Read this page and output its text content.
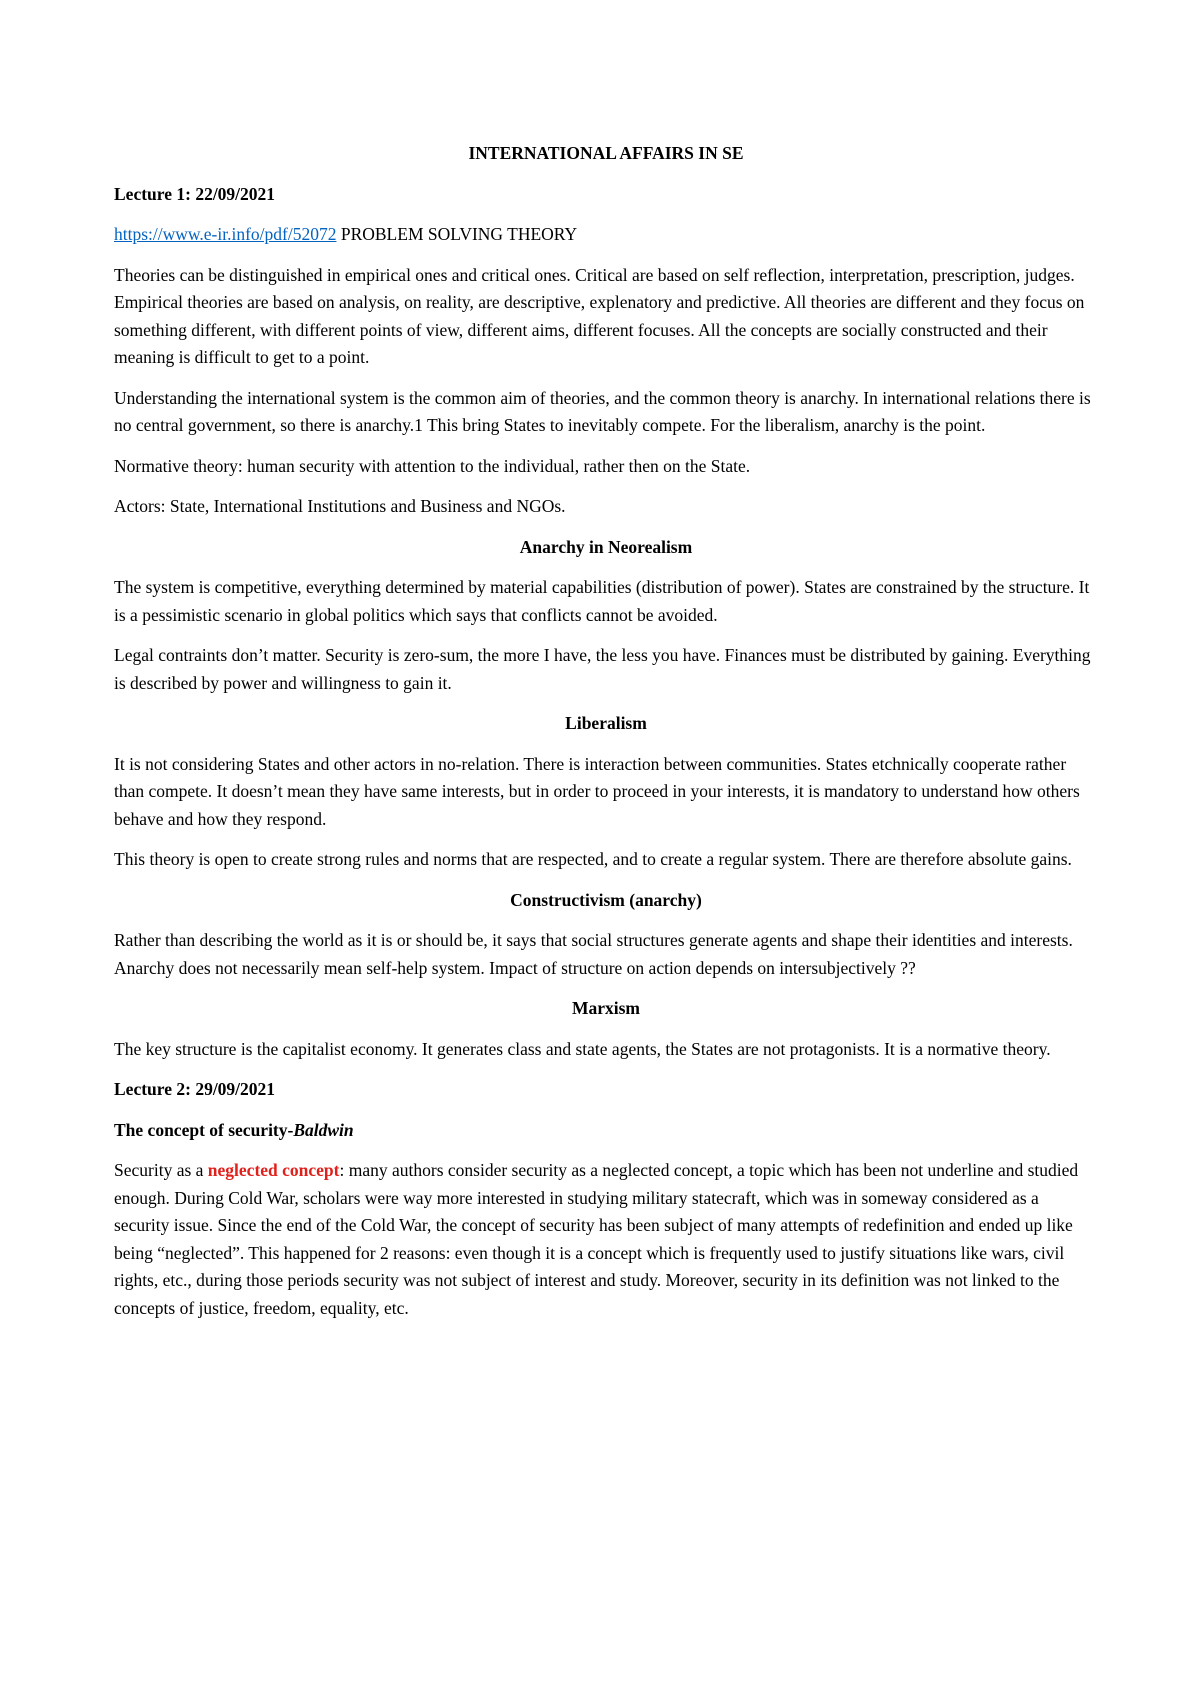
INTERNATIONAL AFFAIRS IN SE
Lecture 1: 22/09/2021

https://www.e-ir.info/pdf/52072 PROBLEM SOLVING THEORY

Theories can be distinguished in empirical ones and critical ones. Critical are based on self reflection, interpretation, prescription, judges. Empirical theories are based on analysis, on reality, are descriptive, explenatory and predictive. All theories are different and they focus on something different, with different points of view, different aims, different focuses. All the concepts are socially constructed and their meaning is difficult to get to a point.

Understanding the international system is the common aim of theories, and the common theory is anarchy. In international relations there is no central government, so there is anarchy.1 This bring States to inevitably compete. For the liberalism, anarchy is the point.

Normative theory: human security with attention to the individual, rather then on the State.

Actors: State, International Institutions and Business and NGOs.

Anarchy in Neorealism

The system is competitive, everything determined by material capabilities (distribution of power). States are constrained by the structure. It is a pessimistic scenario in global politics which says that conflicts cannot be avoided.

Legal contraints don’t matter. Security is zero-sum, the more I have, the less you have. Finances must be distributed by gaining. Everything is described by power and willingness to gain it.

Liberalism

It is not considering States and other actors in no-relation. There is interaction between communities. States etchnically cooperate rather than compete. It doesn’t mean they have same interests, but in order to proceed in your interests, it is mandatory to understand how others behave and how they respond.

This theory is open to create strong rules and norms that are respected, and to create a regular system. There are therefore absolute gains.

Constructivism (anarchy)

Rather than describing the world as it is or should be, it says that social structures generate agents and shape their identities and interests. Anarchy does not necessarily mean self-help system. Impact of structure on action depends on intersubjectively ??

Marxism

The key structure is the capitalist economy. It generates class and state agents, the States are not protagonists. It is a normative theory.

Lecture 2: 29/09/2021
The concept of security-Baldwin

Security as a neglected concept: many authors consider security as a neglected concept, a topic which has been not underline and studied enough. During Cold War, scholars were way more interested in studying military statecraft, which was in someway considered as a security issue. Since the end of the Cold War, the concept of security has been subject of many attempts of redefinition and ended up like being “neglected”. This happened for 2 reasons: even though it is a concept which is frequently used to justify situations like wars, civil rights, etc., during those periods security was not subject of interest and study. Moreover, security in its definition was not linked to the concepts of justice, freedom, equality, etc.
